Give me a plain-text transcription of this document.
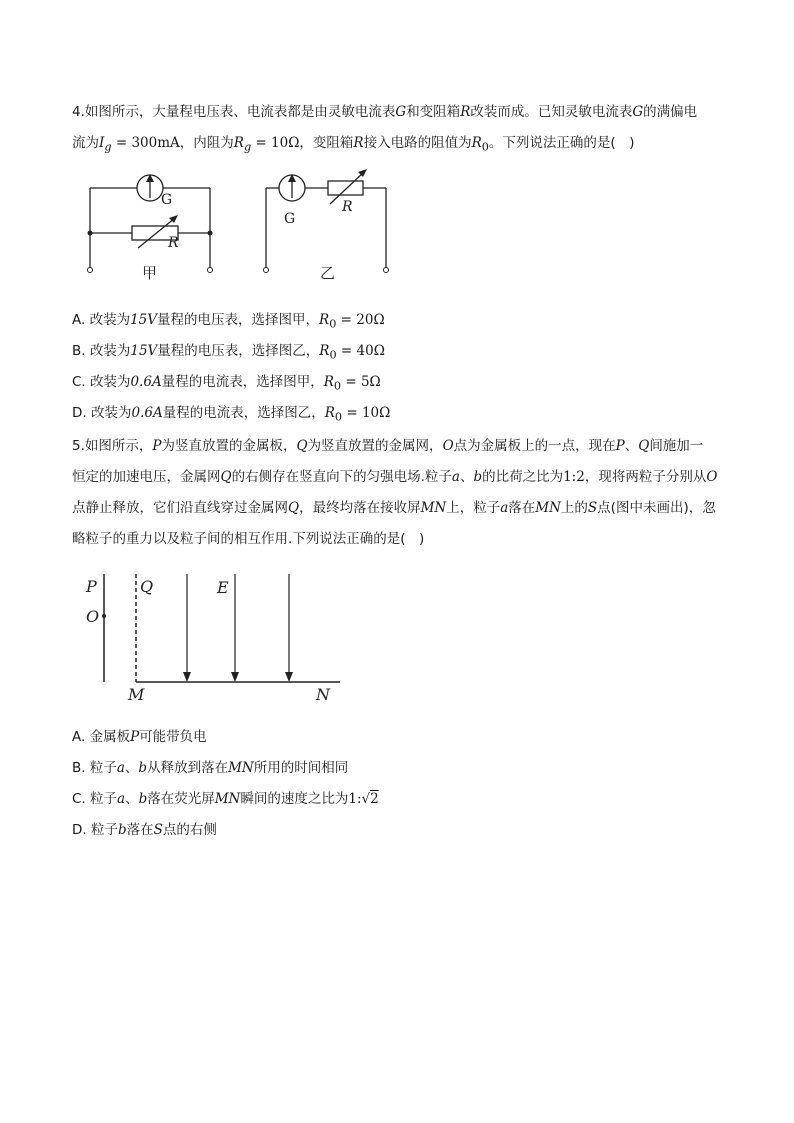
4.如图所示，大量程电压表、电流表都是由灵敏电流表G和变阻箱R改装而成。已知灵敏电流表G的满偏电
流为$I_g = 300mA$，内阻为$R_g = 10\Omega$，变阻箱R接入电路的阻值为$R_0$。下列说法正确的是(　)
G
R
G
R
甲	乙
A. 改装为15V量程的电压表，选择图甲，$R_0 = 20\Omega$
B. 改装为15V量程的电压表，选择图乙，$R_0 = 40\Omega$
C. 改装为0.6A量程的电流表，选择图甲，$R_0 = 5\Omega$
D. 改装为0.6A量程的电流表，选择图乙，$R_0 = 10\Omega$
5.如图所示，P为竖直放置的金属板，Q为竖直放置的金属网，O点为金属板上的一点，现在P、Q间施加一
恒定的加速电压，金属网Q的右侧存在竖直向下的匀强电场.粒子a、b的比荷之比为1:2，现将两粒子分别从O
点静止释放，它们沿直线穿过金属网Q，最终均落在接收屏MN上，粒子a落在MN上的S点(图中未画出)，忽
略粒子的重力以及粒子间的相互作用.下列说法正确的是(　)
P	Q
O
E
M	N
A. 金属板P可能带负电
B. 粒子a、b从释放到落在MN所用的时间相同
C. 粒子a、b落在荧光屏MN瞬间的速度之比为1:√2
D. 粒子b落在S点的右侧
